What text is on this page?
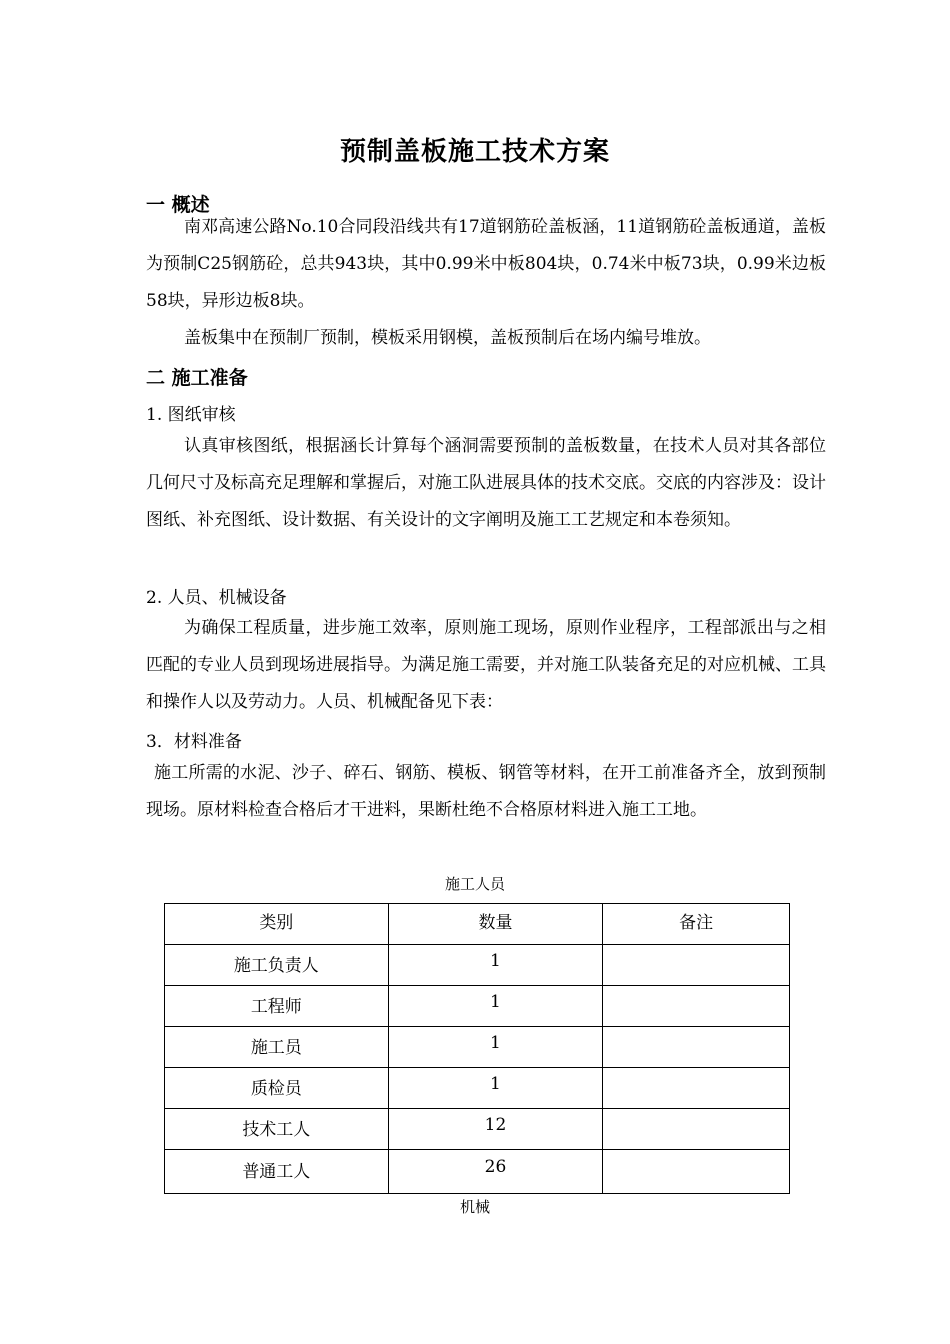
预制盖板施工技术方案
一 概述

南邓高速公路No.10合同段沿线共有17道钢筋砼盖板涵，11道钢筋砼盖板通道，盖板为预制C25钢筋砼，总共943块，其中0.99米中板804块，0.74米中板73块，0.99米边板58块，异形边板8块。

盖板集中在预制厂预制，模板采用钢模，盖板预制后在场内编号堆放。

二 施工准备
1. 图纸审核

认真审核图纸，根据涵长计算每个涵洞需要预制的盖板数量，在技术人员对其各部位几何尺寸及标高充足理解和掌握后，对施工队进展具体的技术交底。交底的内容涉及：设计图纸、补充图纸、设计数据、有关设计的文字阐明及施工工艺规定和本卷须知。

2. 人员、机械设备

为确保工程质量，进步施工效率，原则施工现场，原则作业程序，工程部派出与之相匹配的专业人员到现场进展指导。为满足施工需要，并对施工队装备充足的对应机械、工具和操作人以及劳动力。人员、机械配备见下表：

3．材料准备

施工所需的水泥、沙子、碎石、钢筋、模板、钢管等材料，在开工前准备齐全，放到预制现场。原材料检查合格后才干进料，果断杜绝不合格原材料进入施工工地。

施工人员
类别	数量	备注
施工负责人	1	
工程师	1	
施工员	1	
质检员	1	
技术工人	12	
普通工人	26	
机械
